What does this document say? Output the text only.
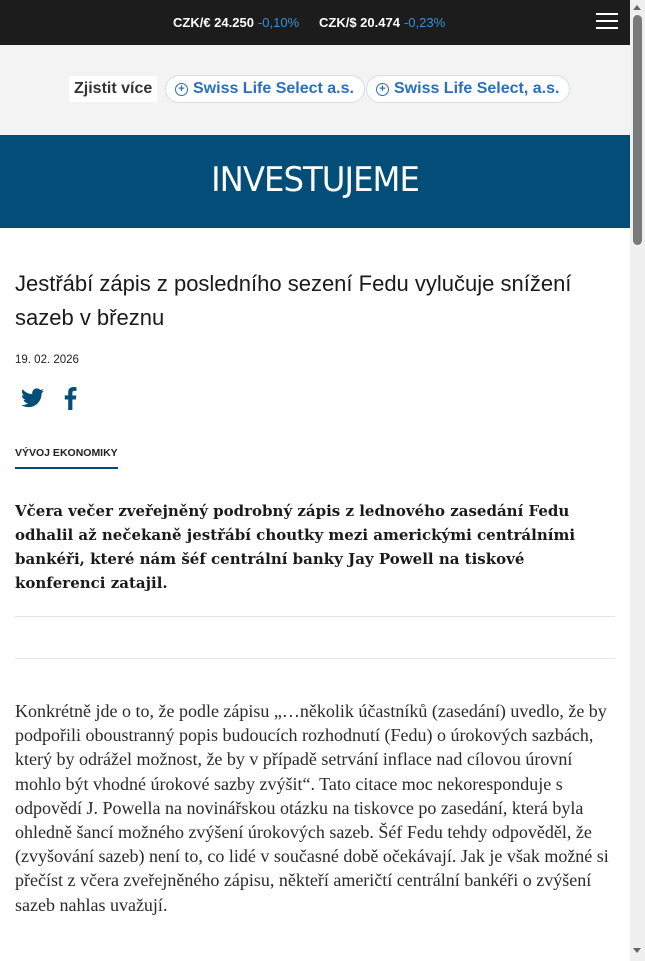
CZK/€ 24.250 -0,10% CZK/$ 20.474 -0,23%
Zjistit více	+ Swiss Life Select a.s.	+ Swiss Life Select, a.s.
INVESTUJEME
Jestřábí zápis z posledního sezení Fedu vylučuje snížení sazeb v březnu
19. 02. 2026
VÝVOJ EKONOMIKY

Včera večer zveřejněný podrobný zápis z lednového zasedání Fedu odhalil až nečekaně jestřábí choutky mezi americkými centrálními bankéři, které nám šéf centrální banky Jay Powell na tiskové konferenci zatajil.

Konkrétně jde o to, že podle zápisu „…několik účastníků (zasedání) uvedlo, že by podpořili oboustranný popis budoucích rozhodnutí (Fedu) o úrokových sazbách, který by odrážel možnost, že by v případě setrvání inflace nad cílovou úrovní mohlo být vhodné úrokové sazby zvýšit“. Tato citace moc nekoresponduje s odpovědí J. Powella na novinářskou otázku na tiskovce po zasedání, která byla ohledně šancí možného zvýšení úrokových sazeb. Šéf Fedu tehdy odpověděl, že (zvyšování sazeb) není to, co lidé v současné době očekávají. Jak je však možné si přečíst z včera zveřejněného zápisu, někteří američtí centrální bankéři o zvýšení sazeb nahlas uvažují.
